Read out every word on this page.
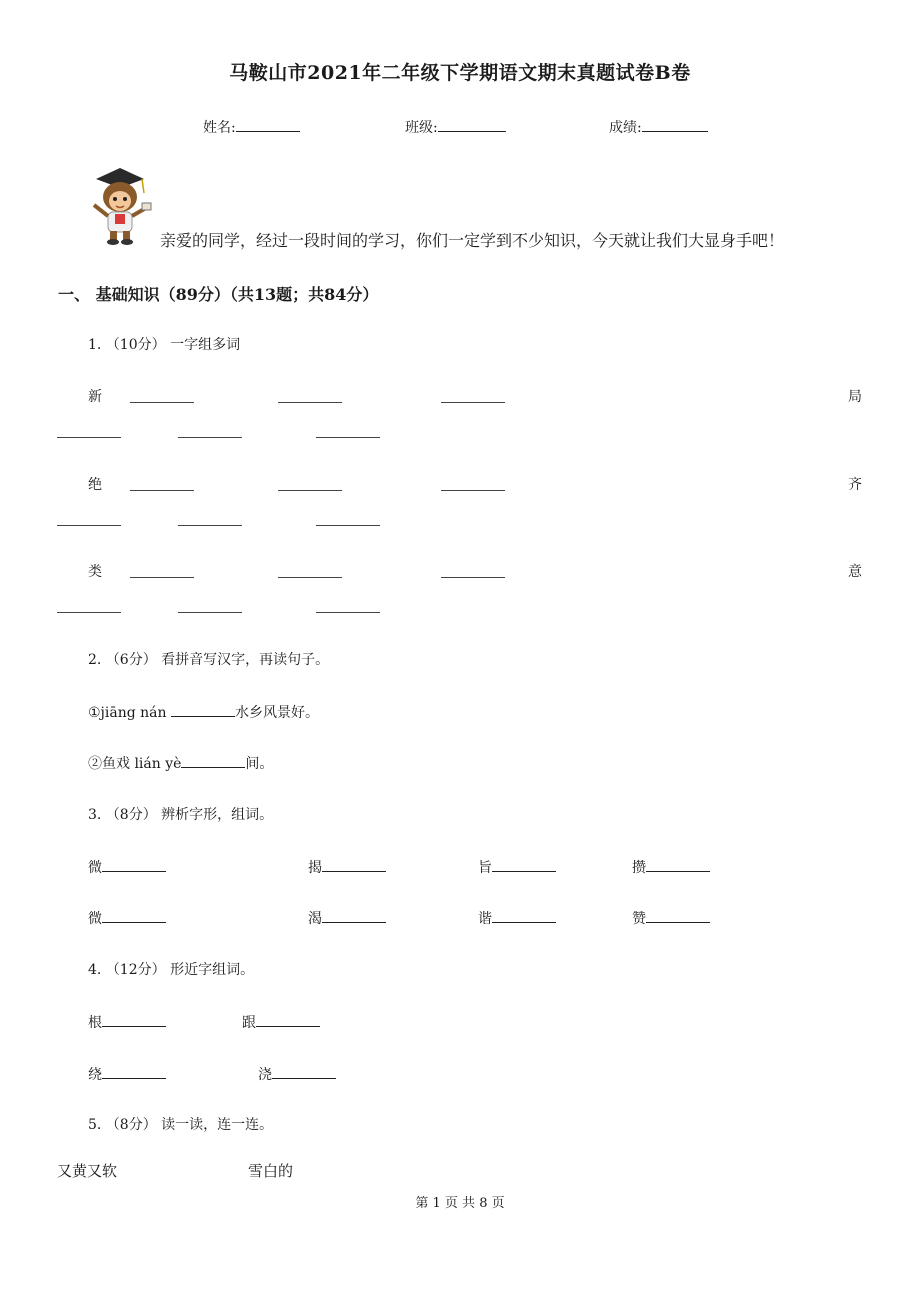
马鞍山市2021年二年级下学期语文期末真题试卷B卷
姓名:	班级:	成绩:
亲爱的同学，经过一段时间的学习，你们一定学到不少知识，今天就让我们大显身手吧！
一、 基础知识（89分）（共13题；共84分）
1. （10分） 一字组多词
新	局
绝	齐
类	意
2. （6分） 看拼音写汉字，再读句子。
①jiāng nán	水乡风景好。
②鱼戏 lián yè	间。
3. （8分） 辨析字形，组词。
微	揭	旨	攒
微	渴	谐	赞
4. （12分） 形近字组词。
根	跟
绕	浇
5. （8分） 读一读，连一连。
又黄又软	雪白的
第 1 页 共 8 页
